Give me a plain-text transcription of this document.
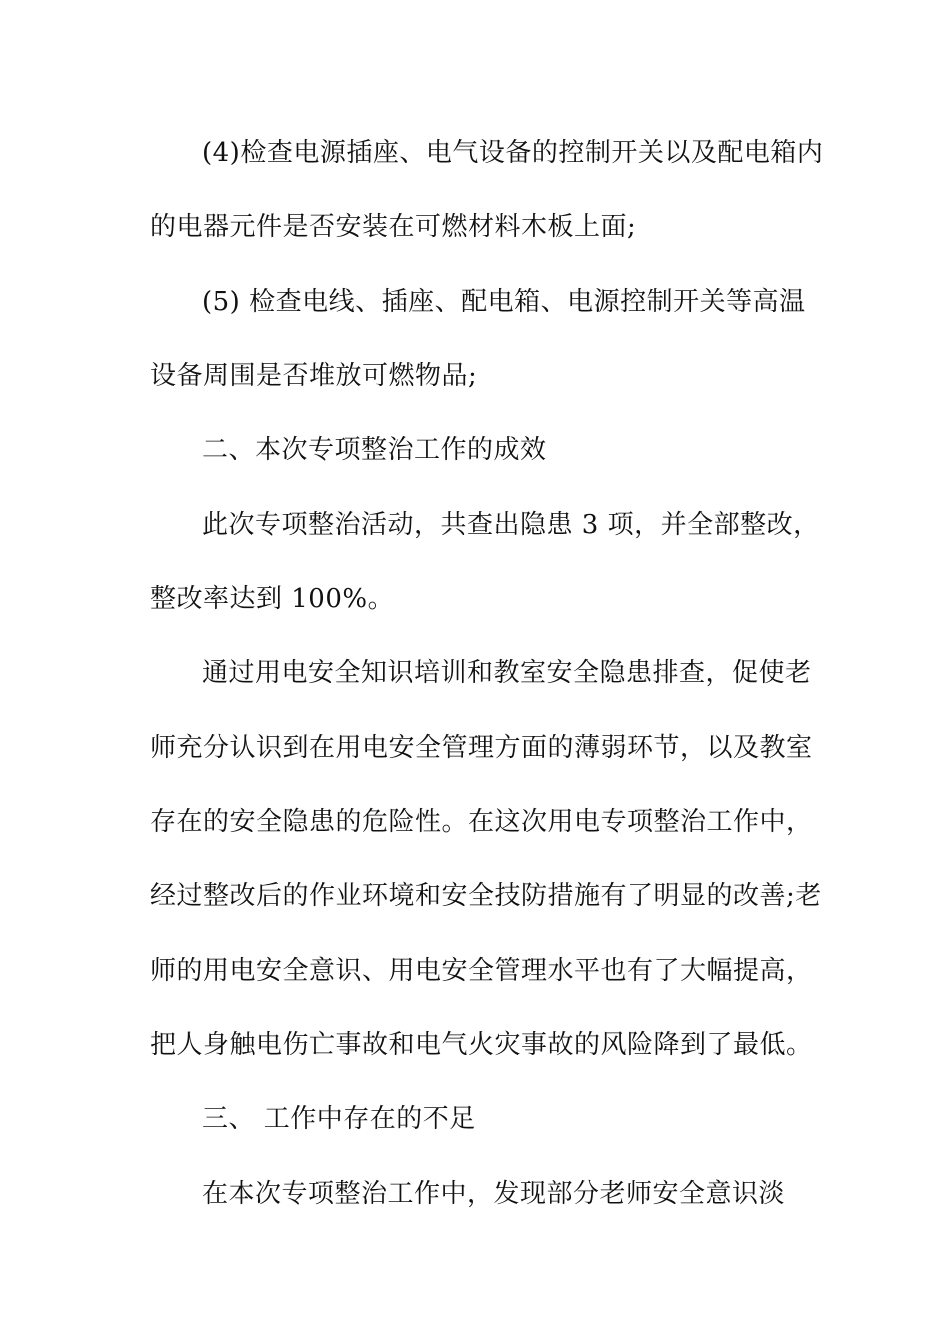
(4)检查电源插座、电气设备的控制开关以及配电箱内
的电器元件是否安装在可燃材料木板上面;
(5) 检查电线、插座、配电箱、电源控制开关等高温
设备周围是否堆放可燃物品;
二、本次专项整治工作的成效
此次专项整治活动，共查出隐患 3 项，并全部整改，
整改率达到 100%。
通过用电安全知识培训和教室安全隐患排查，促使老
师充分认识到在用电安全管理方面的薄弱环节，以及教室
存在的安全隐患的危险性。在这次用电专项整治工作中，
经过整改后的作业环境和安全技防措施有了明显的改善;老
师的用电安全意识、用电安全管理水平也有了大幅提高，
把人身触电伤亡事故和电气火灾事故的风险降到了最低。
三、 工作中存在的不足
在本次专项整治工作中，发现部分老师安全意识淡
